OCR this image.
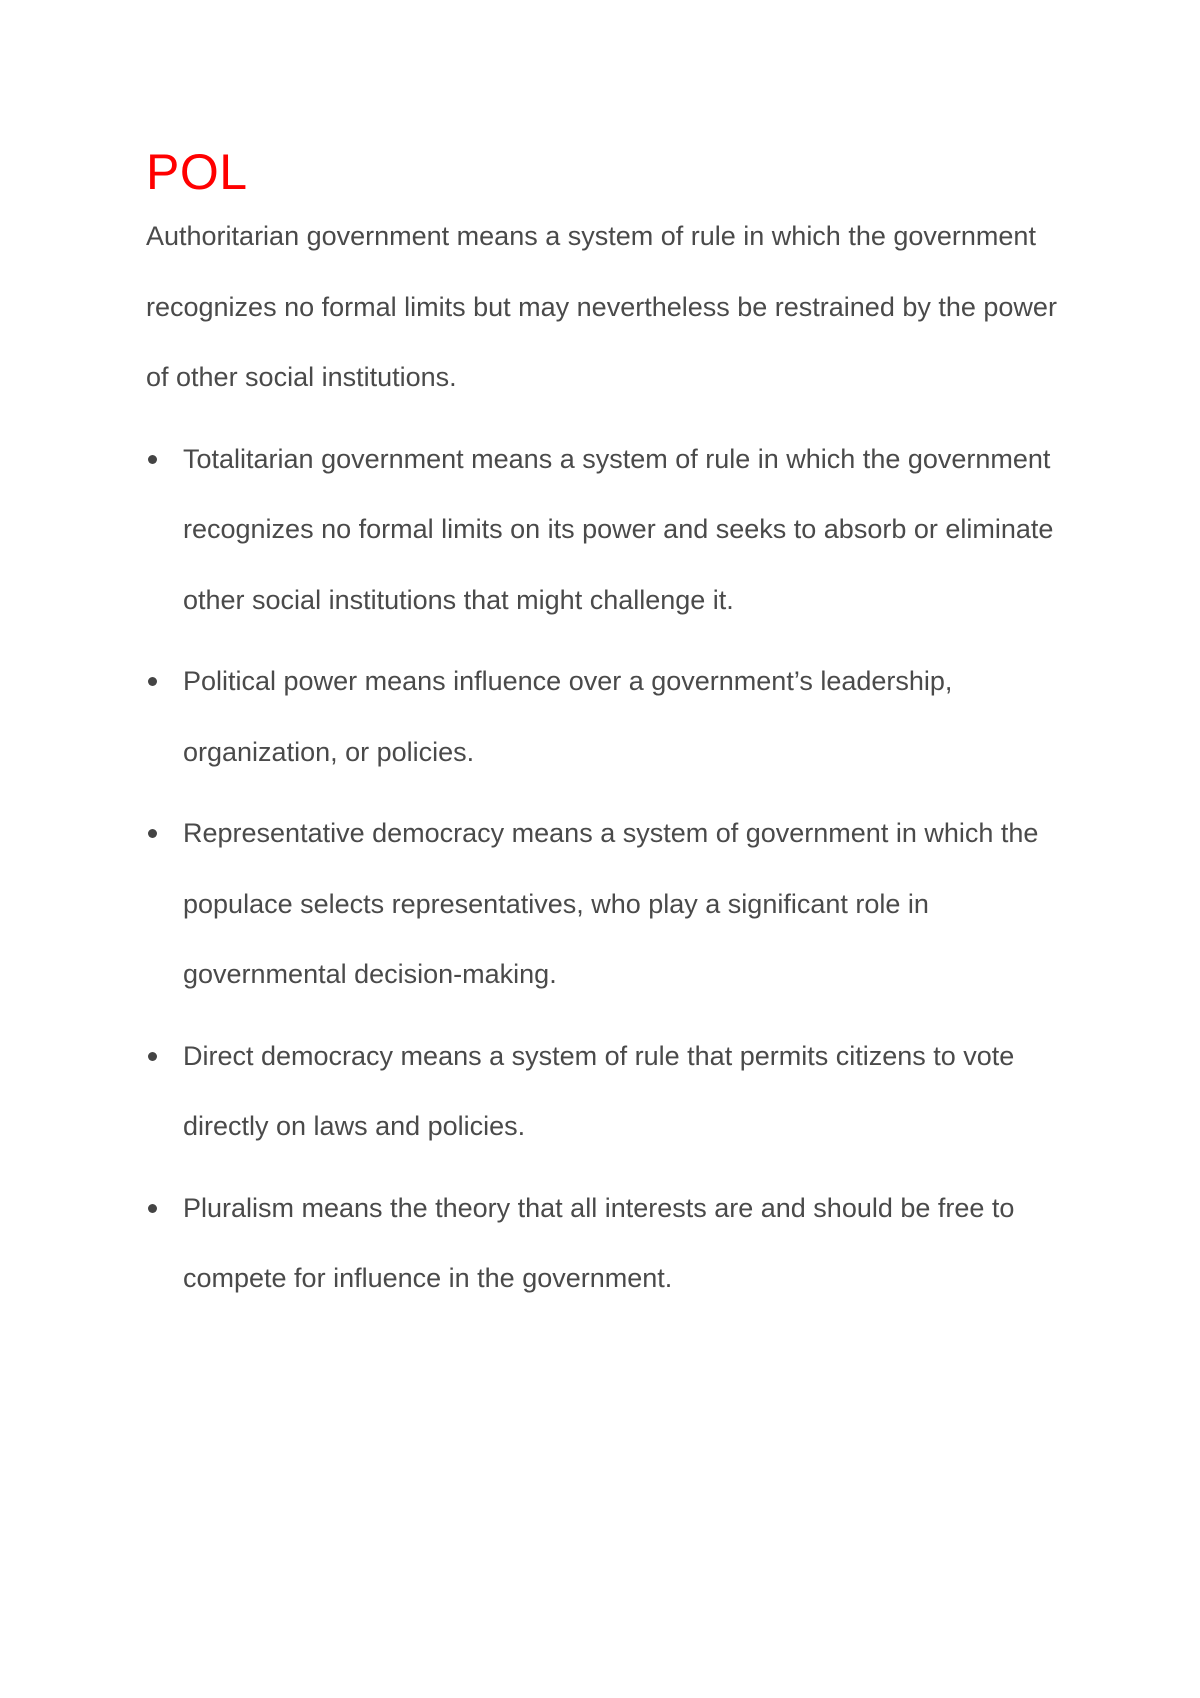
POL

Authoritarian government means a system of rule in which the government recognizes no formal limits but may nevertheless be restrained by the power of other social institutions.

Totalitarian government means a system of rule in which the government recognizes no formal limits on its power and seeks to absorb or eliminate other social institutions that might challenge it.
Political power means influence over a government’s leadership, organization, or policies.
Representative democracy means a system of government in which the populace selects representatives, who play a significant role in governmental decision-making.
Direct democracy means a system of rule that permits citizens to vote directly on laws and policies.
Pluralism means the theory that all interests are and should be free to compete for influence in the government.
